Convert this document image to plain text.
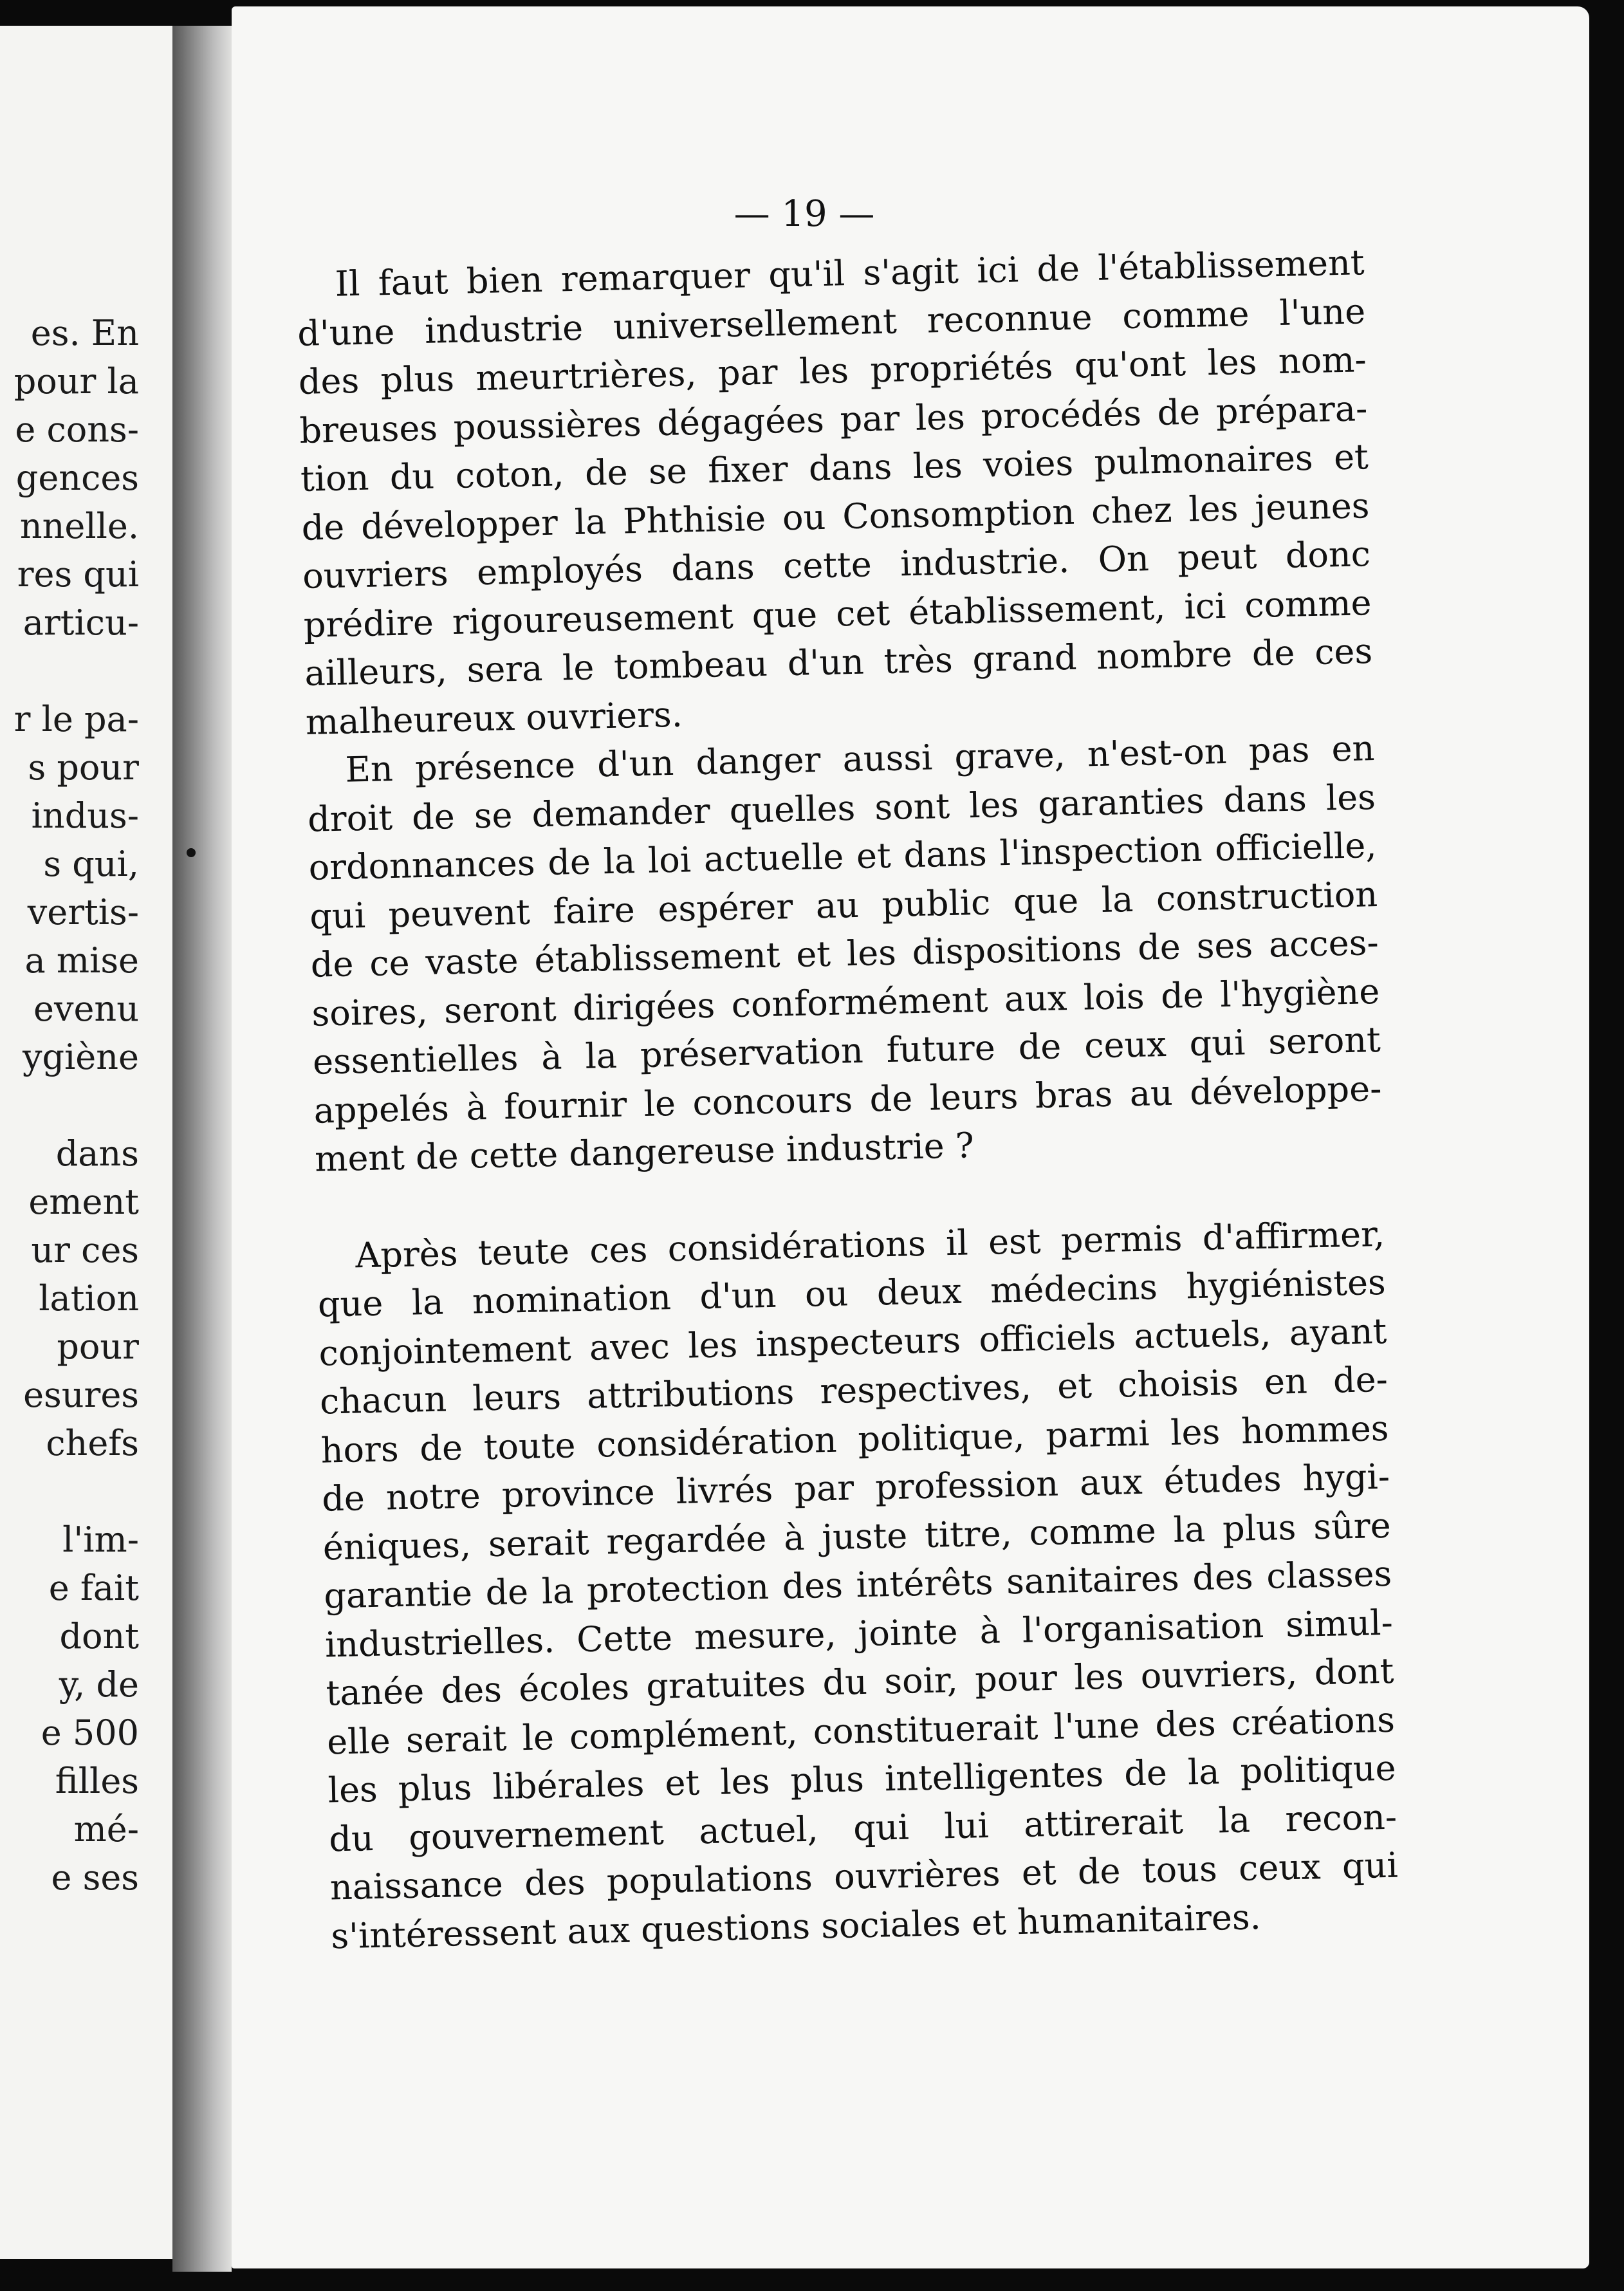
es. En
pour la
e cons-
gences
nnelle.
res qui
articu-
r le pa-
s pour
indus-
s qui,
vertis-
a mise
evenu
ygiène
dans
ement
ur ces
lation
pour
esures
chefs
l'im-
e fait
dont
y, de
e 500
filles
mé-
e ses
— 19 —

Il faut bien remarquer qu'il s'agit ici de l'établissement
d'une industrie universellement reconnue comme l'une
des plus meurtrières, par les propriétés qu'ont les nom-
breuses poussières dégagées par les procédés de prépara-
tion du coton, de se fixer dans les voies pulmonaires et
de développer la Phthisie ou Consomption chez les jeunes
ouvriers employés dans cette industrie. On peut donc
prédire rigoureusement que cet établissement, ici comme
ailleurs, sera le tombeau d'un très grand nombre de ces
malheureux ouvriers.

En présence d'un danger aussi grave, n'est-on pas en
droit de se demander quelles sont les garanties dans les
ordonnances de la loi actuelle et dans l'inspection officielle,
qui peuvent faire espérer au public que la construction
de ce vaste établissement et les dispositions de ses acces-
soires, seront dirigées conformément aux lois de l'hygiène
essentielles à la préservation future de ceux qui seront
appelés à fournir le concours de leurs bras au développe-
ment de cette dangereuse industrie ?

Après teute ces considérations il est permis d'affirmer,
que la nomination d'un ou deux médecins hygiénistes
conjointement avec les inspecteurs officiels actuels, ayant
chacun leurs attributions respectives, et choisis en de-
hors de toute considération politique, parmi les hommes
de notre province livrés par profession aux études hygi-
éniques, serait regardée à juste titre, comme la plus sûre
garantie de la protection des intérêts sanitaires des classes
industrielles. Cette mesure, jointe à l'organisation simul-
tanée des écoles gratuites du soir, pour les ouvriers, dont
elle serait le complément, constituerait l'une des créations
les plus libérales et les plus intelligentes de la politique
du gouvernement actuel, qui lui attirerait la recon-
naissance des populations ouvrières et de tous ceux qui
s'intéressent aux questions sociales et humanitaires.
